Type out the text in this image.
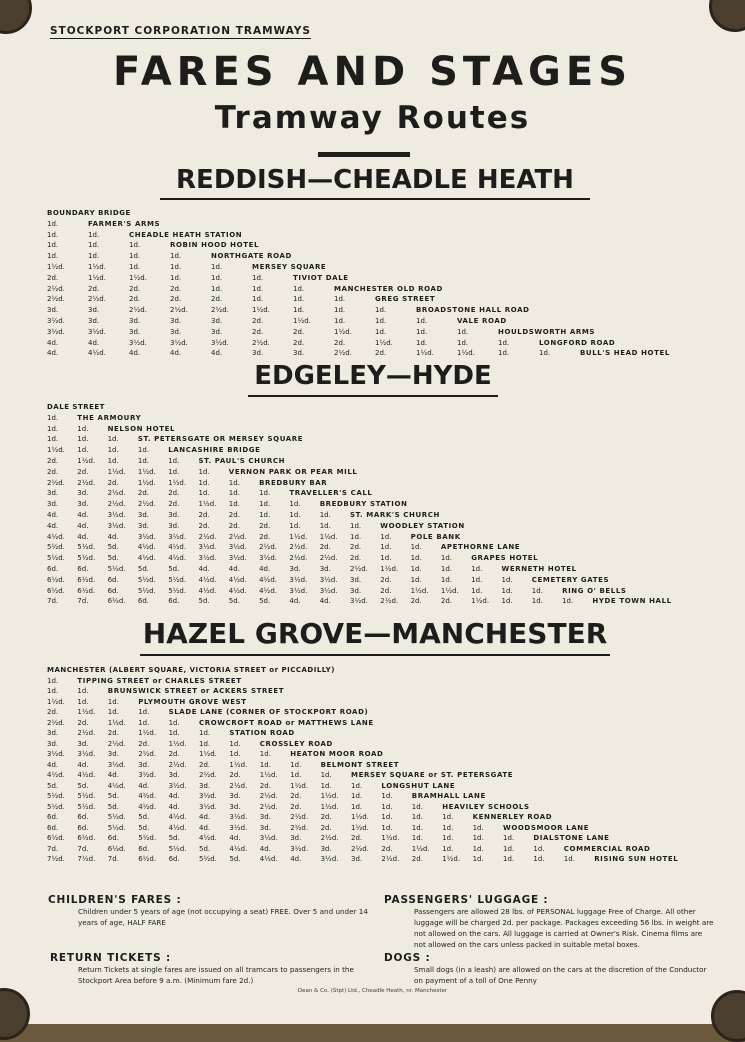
STOCKPORT CORPORATION TRAMWAYS
FARES AND STAGES
Tramway Routes
REDDISH—CHEADLE HEATH
BOUNDARY BRIDGE
1d.	FARMER'S ARMS
1d.	1d.	CHEADLE HEATH STATION
1d.	1d.	1d.	ROBIN HOOD HOTEL
1d.	1d.	1d.	1d.	NORTHGATE ROAD
1½d.	1½d.	1d.	1d.	1d.	MERSEY SQUARE
2d.	1½d.	1½d.	1d.	1d.	1d.	TIVIOT DALE
2½d.	2d.	2d.	2d.	1d.	1d.	1d.	MANCHESTER OLD ROAD
2½d.	2½d.	2d.	2d.	2d.	1d.	1d.	1d.	GREG STREET
3d.	3d.	2½d.	2½d.	2½d.	1½d.	1d.	1d.	1d.	BROADSTONE HALL ROAD
3½d.	3d.	3d.	3d.	3d.	2d.	1½d.	1d.	1d.	1d.	VALE ROAD
3½d.	3½d.	3d.	3d.	3d.	2d.	2d.	1½d.	1d.	1d.	1d.	HOULDSWORTH ARMS
4d.	4d.	3½d.	3½d.	3½d.	2½d.	2d.	2d.	1½d.	1d.	1d.	1d.	LONGFORD ROAD
4d.	4½d.	4d.	4d.	4d.	3d.	3d.	2½d.	2d.	1½d.	1½d.	1d.	1d.	BULL'S HEAD HOTEL
EDGELEY—HYDE
DALE STREET
1d.	THE ARMOURY
1d.	1d.	NELSON HOTEL
1d.	1d.	1d.	ST. PETERSGATE OR MERSEY SQUARE
1½d. 1d.	1d.	1d.	LANCASHIRE BRIDGE
2d.	1½d. 1d.	1d.	1d.	ST. PAUL'S CHURCH
2d.	2d.	1½d. 1½d. 1d.	1d.	VERNON PARK OR PEAR MILL
2½d. 2½d. 2d.	1½d. 1½d. 1d.	1d.	BREDBURY BAR
3d.	3d.	2½d. 2d.	2d.	1d.	1d.	1d.	TRAVELLER'S CALL
3d.	3d.	2½d. 2½d. 2d.	1½d. 1d.	1d.	1d.	BREDBURY STATION
4d.	4d.	3½d. 3d.	3d.	2d.	2d.	1d.	1d.	1d.	ST. MARK'S CHURCH
4d.	4d.	3½d. 3d.	3d.	2d.	2d.	2d.	1d.	1d.	1d.	WOODLEY STATION
4½d. 4d.	4d.	3½d. 3½d. 2½d. 2½d. 2d.	1½d. 1½d. 1d.	1d.	POLE BANK
5½d. 5½d. 5d.	4½d. 4½d. 3½d. 3½d. 2½d. 2½d. 2d.	2d.	1d.	1d.	APETHORNE LANE
5½d. 5½d. 5d.	4½d. 4½d. 3½d. 3½d. 3½d. 2½d. 2½d. 2d.	1d.	1d.	1d.	GRAPES HOTEL
6d.	6d.	5½d. 5d.	5d.	4d.	4d.	4d.	3d.	3d.	2½d. 1½d. 1d.	1d.	1d.	WERNETH HOTEL
6½d. 6½d. 6d.	5½d. 5½d. 4½d. 4½d. 4½d. 3½d. 3½d. 3d.	2d.	1d.	1d.	1d.	1d.	CEMETERY GATES
6½d. 6½d. 6d.	5½d. 5½d. 4½d. 4½d. 4½d. 3½d. 3½d. 3d.	2d.	1½d. 1½d. 1d.	1d.	1d.	RING O' BELLS
7d.	7d.	6½d. 6d.	6d.	5d.	5d.	5d.	4d.	4d.	3½d. 2½d. 2d.	2d.	1½d. 1d.	1d.	1d.	HYDE TOWN HALL
HAZEL GROVE—MANCHESTER
MANCHESTER (ALBERT SQUARE, VICTORIA STREET or PICCADILLY)
1d.	TIPPING STREET or CHARLES STREET
1d.	1d.	BRUNSWICK STREET or ACKERS STREET
1½d. 1d.	1d.	PLYMOUTH GROVE WEST
2d.	1½d. 1d.	1d.	SLADE LANE (CORNER OF STOCKPORT ROAD)
2½d. 2d.	1½d. 1d.	1d.	CROWCROFT ROAD or MATTHEWS LANE
3d.	2½d. 2d.	1½d. 1d.	1d.	STATION ROAD
3d.	3d.	2½d. 2d.	1½d. 1d.	1d.	CROSSLEY ROAD
3½d. 3½d. 3d.	2½d. 2d.	1½d. 1d.	1d.	HEATON MOOR ROAD
4d.	4d.	3½d. 3d.	2½d. 2d.	1½d. 1d.	1d.	BELMONT STREET
4½d. 4½d. 4d.	3½d. 3d.	2½d. 2d.	1½d. 1d.	1d.	MERSEY SQUARE or ST. PETERSGATE
5d.	5d.	4½d. 4d.	3½d. 3d.	2½d. 2d.	1½d. 1d.	1d.	LONGSHUT LANE
5½d. 5½d. 5d.	4½d. 4d.	3½d. 3d.	2½d. 2d.	1½d. 1d.	1d.	BRAMHALL LANE
5½d. 5½d. 5d.	4½d. 4d.	3½d. 3d.	2½d. 2d.	1½d. 1d.	1d.	1d.	HEAVILEY SCHOOLS
6d.	6d.	5½d. 5d.	4½d. 4d.	3½d. 3d.	2½d. 2d.	1½d. 1d.	1d.	1d.	KENNERLEY ROAD
6d.	6d.	5½d. 5d.	4½d. 4d.	3½d. 3d.	2½d. 2d.	1½d. 1d.	1d.	1d.	1d.	WOODSMOOR LANE
6½d. 6½d. 6d.	5½d. 5d.	4½d. 4d.	3½d. 3d.	2½d. 2d.	1½d. 1d.	1d.	1d.	1d.	DIALSTONE LANE
7d.	7d.	6½d. 6d.	5½d. 5d.	4½d. 4d.	3½d. 3d.	2½d. 2d.	1½d. 1d.	1d.	1d.	1d.	COMMERCIAL ROAD
7½d. 7½d. 7d.	6½d. 6d.	5½d. 5d.	4½d. 4d.	3½d. 3d.	2½d. 2d.	1½d. 1d.	1d.	1d.	1d.	RISING SUN HOTEL
CHILDREN'S FARES :
Children under 5 years of age (not occupying a seat) FREE. Over 5 and under 14 years of age, HALF FARE
RETURN TICKETS :
Return Tickets at single fares are issued on all tramcars to passengers in the Stockport Area before 9 a.m. (Minimum fare 2d.)
PASSENGERS' LUGGAGE :
Passengers are allowed 28 lbs. of PERSONAL luggage Free of Charge. All other luggage will be charged 2d. per package. Packages exceeding 56 lbs. in weight are not allowed on the cars. All luggage is carried at Owner's Risk. Cinema films are not allowed on the cars unless packed in suitable metal boxes.
DOGS :
Small dogs (in a leash) are allowed on the cars at the discretion of the Conductor on payment of a toll of One Penny
Dean & Co. (Stpt) Ltd., Cheadle Heath, nr. Manchester
